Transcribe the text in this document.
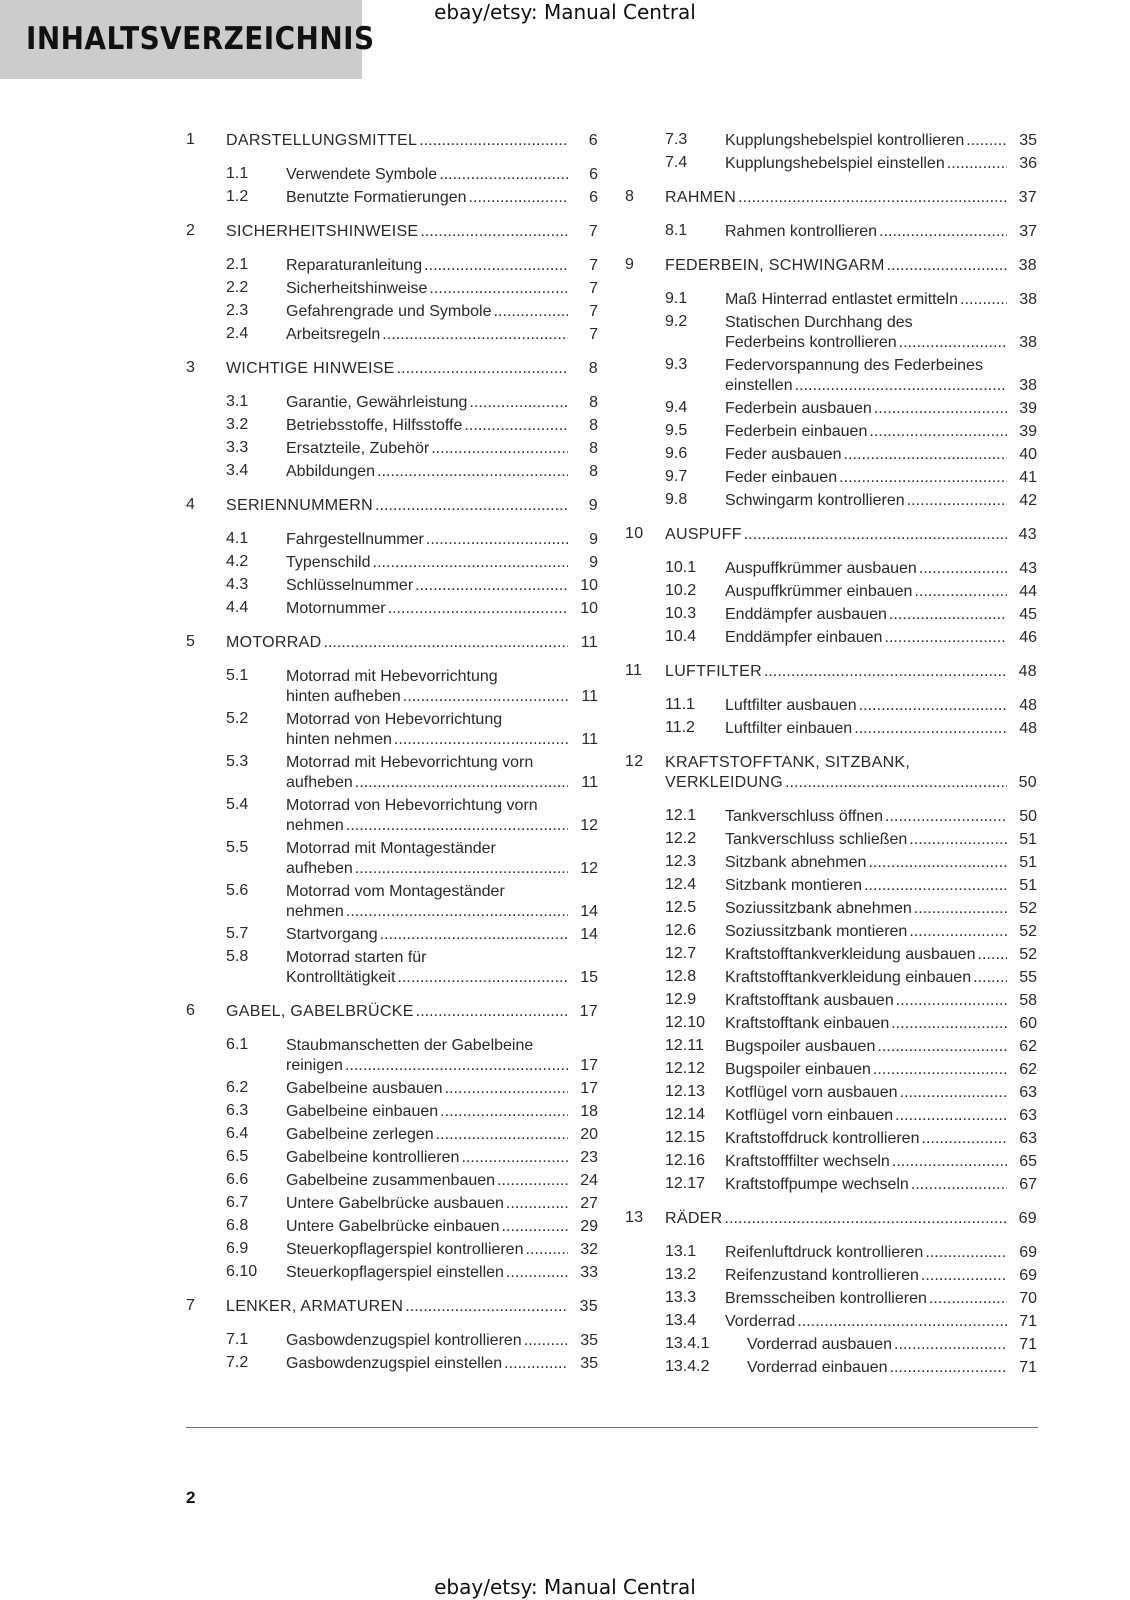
INHALTSVERZEICHNIS
ebay/etsy: Manual Central
1 DARSTELLUNGSMITTEL . . .	6
1.1 Verwendete Symbole . . .	6
1.2 Benutzte Formatierungen . . .	6
2 SICHERHEITSHINWEISE . . .	7
2.1 Reparaturanleitung . . .	7
2.2 Sicherheitshinweise . . .	7
2.3 Gefahrengrade und Symbole . . .	7
2.4 Arbeitsregeln . . .	7
3 WICHTIGE HINWEISE . . .	8
3.1 Garantie, Gewährleistung . . .	8
3.2 Betriebsstoffe, Hilfsstoffe . . .	8
3.3 Ersatzteile, Zubehör . . .	8
3.4 Abbildungen . . .	8
4 SERIENNUMMERN . . .	9
4.1 Fahrgestellnummer . . .	9
4.2 Typenschild . . .	9
4.3 Schlüsselnummer . . .	10
4.4 Motornummer . . .	10
5 MOTORRAD . . .	11
5.1 Motorrad mit Hebevorrichtung
hinten aufheben . . .	11
5.2 Motorrad von Hebevorrichtung
hinten nehmen . . .	11
5.3 Motorrad mit Hebevorrichtung vorn
aufheben . . .	11
5.4 Motorrad von Hebevorrichtung vorn
nehmen . . .	12
5.5 Motorrad mit Montageständer
aufheben . . .	12
5.6 Motorrad vom Montageständer
nehmen . . .	14
5.7 Startvorgang . . .	14
5.8 Motorrad starten für
Kontrolltätigkeit . . .	15
6 GABEL, GABELBRÜCKE . . .	17
6.1 Staubmanschetten der Gabelbeine
reinigen . . .	17
6.2 Gabelbeine ausbauen . . .	17
6.3 Gabelbeine einbauen . . .	18
6.4 Gabelbeine zerlegen . . .	20
6.5 Gabelbeine kontrollieren . . .	23
6.6 Gabelbeine zusammenbauen . . .	24
6.7 Untere Gabelbrücke ausbauen . . .	27
6.8 Untere Gabelbrücke einbauen . . .	29
6.9 Steuerkopflagerspiel kontrollieren . . .	32
6.10 Steuerkopflagerspiel einstellen . . .	33
7 LENKER, ARMATUREN . . .	35
7.1 Gasbowdenzugspiel kontrollieren . . .	35
7.2 Gasbowdenzugspiel einstellen . . .	35
7.3 Kupplungshebelspiel kontrollieren . . .	35
7.4 Kupplungshebelspiel einstellen . . .	36
8 RAHMEN . . .	37
8.1 Rahmen kontrollieren . . .	37
9 FEDERBEIN, SCHWINGARM . . .	38
9.1 Maß Hinterrad entlastet ermitteln . . .	38
9.2 Statischen Durchhang des
Federbeins kontrollieren . . .	38
9.3 Federvorspannung des Federbeines
einstellen . . .	38
9.4 Federbein ausbauen . . .	39
9.5 Federbein einbauen . . .	39
9.6 Feder ausbauen . . .	40
9.7 Feder einbauen . . .	41
9.8 Schwingarm kontrollieren . . .	42
10 AUSPUFF . . .	43
10.1 Auspuffkrümmer ausbauen . . .	43
10.2 Auspuffkrümmer einbauen . . .	44
10.3 Enddämpfer ausbauen . . .	45
10.4 Enddämpfer einbauen . . .	46
11 LUFTFILTER . . .	48
11.1 Luftfilter ausbauen . . .	48
11.2 Luftfilter einbauen . . .	48
12 KRAFTSTOFFTANK, SITZBANK,
VERKLEIDUNG . . .	50
12.1 Tankverschluss öffnen . . .	50
12.2 Tankverschluss schließen . . .	51
12.3 Sitzbank abnehmen . . .	51
12.4 Sitzbank montieren . . .	51
12.5 Soziussitzbank abnehmen . . .	52
12.6 Soziussitzbank montieren . . .	52
12.7 Kraftstofftankverkleidung ausbauen . . .	52
12.8 Kraftstofftankverkleidung einbauen . . .	55
12.9 Kraftstofftank ausbauen . . .	58
12.10 Kraftstofftank einbauen . . .	60
12.11 Bugspoiler ausbauen . . .	62
12.12 Bugspoiler einbauen . . .	62
12.13 Kotflügel vorn ausbauen . . .	63
12.14 Kotflügel vorn einbauen . . .	63
12.15 Kraftstoffdruck kontrollieren . . .	63
12.16 Kraftstofffilter wechseln . . .	65
12.17 Kraftstoffpumpe wechseln . . .	67
13 RÄDER . . .	69
13.1 Reifenluftdruck kontrollieren . . .	69
13.2 Reifenzustand kontrollieren . . .	69
13.3 Bremsscheiben kontrollieren . . .	70
13.4 Vorderrad . . .	71
13.4.1 Vorderrad ausbauen . . .	71
13.4.2 Vorderrad einbauen . . .	71
2
ebay/etsy: Manual Central
